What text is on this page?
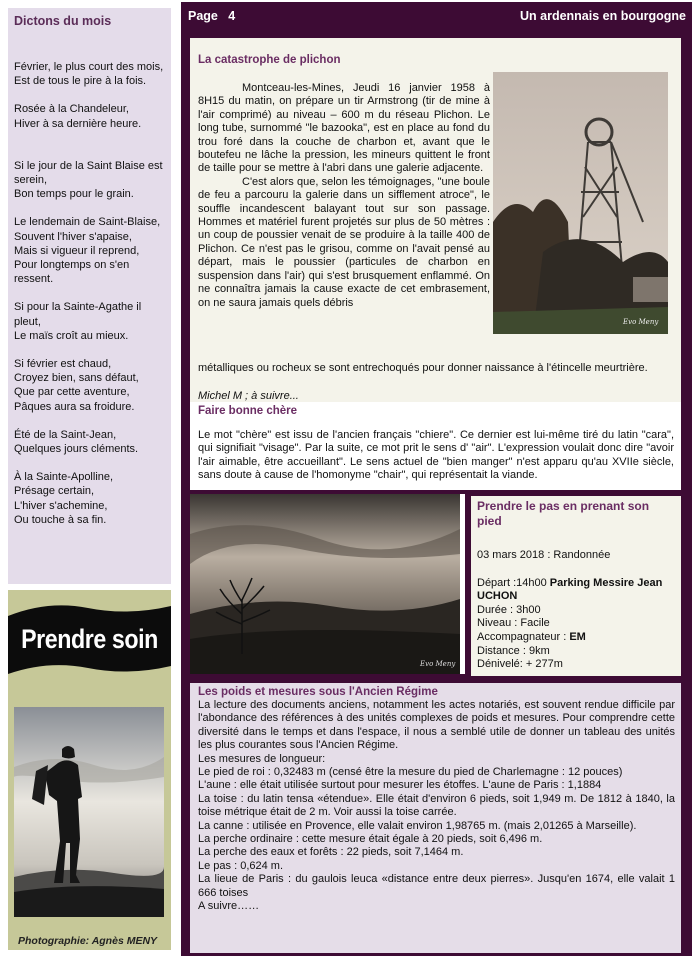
Dictons du mois

Février, le plus court des mois,
Est de tous le pire à la fois.

Rosée à la Chandeleur,
Hiver à sa dernière heure.

Si le jour de la Saint Blaise est serein,
Bon temps pour le grain.

Le lendemain de Saint-Blaise,
Souvent l'hiver s'apaise,
Mais si vigueur il reprend,
Pour longtemps on s'en ressent.

Si pour la Sainte-Agathe il pleut,
Le maïs croît au mieux.

Si février est chaud,
Croyez bien, sans défaut,
Que par cette aventure,
Pâques aura sa froidure.

Été de la Saint-Jean,
Quelques jours cléments.

À la Sainte-Apolline,
Présage certain,
L'hiver s'achemine,
Ou touche à sa fin.

Prendre soin
Photographie: Agnès MENY
Page   4	Un ardennais en bourgogne
La catastrophe de plichon
Evo Meny

Montceau-les-Mines, Jeudi 16 janvier 1958 à 8H15 du matin, on prépare un tir Armstrong (tir de mine à l'air comprimé) au niveau – 600 m du réseau Plichon. Le long tube, surnommé "le bazooka", est en place au fond du trou foré dans la couche de charbon et, avant que le boutefeu ne lâche la pression, les mineurs quittent le front de taille pour se mettre à l'abri dans une galerie adjacente.

C'est alors que, selon les témoignages, "une boule de feu a parcouru la galerie dans un sifflement atroce", le souffle incandescent balayant tout sur son passage. Hommes et matériel furent projetés sur plus de 50 mètres : un coup de poussier venait de se produire à la taille 400 de Plichon. Ce n'est pas le grisou, comme on l'avait pensé au départ, mais le poussier (particules de charbon en suspension dans l'air) qui s'est brusquement enflammé. On ne connaîtra jamais la cause exacte de cet embrasement, on ne saura jamais quels débris

métalliques ou rocheux se sont entrechoqués pour donner naissance à l'étincelle meurtrière.

Michel M ; à suivre...
Faire bonne chère

Le mot "chère" est issu de l'ancien français "chiere". Ce dernier est lui-même tiré du latin "cara", qui signifiait "visage". Par la suite, ce mot prit le sens d' "air". L'expression voulait donc dire "avoir l'air aimable, être accueillant". Le sens actuel de "bien manger" n'est apparu qu'au XVIIe siècle, sans doute à cause de l'homonyme "chair", qui représentait la viande.

Evo Meny
Prendre le pas en prenant son pied
03 mars 2018 : Randonnée
Départ :14h00 Parking Messire Jean UCHON
Durée : 3h00
Niveau : Facile
Accompagnateur : EM
Distance : 9km
Dénivelé: + 277m
Les poids et mesures sous l'Ancien Régime

La lecture des documents anciens, notamment les actes notariés, est souvent rendue difficile par l'abondance des références à des unités complexes de poids et mesures. Pour comprendre cette diversité dans le temps et dans l'espace, il nous a semblé utile de donner un tableau des unités les plus courantes sous l'Ancien Régime.

Les mesures de longueur:

Le pied de roi : 0,32483 m (censé être la mesure du pied de Charlemagne : 12 pouces)

L'aune : elle était utilisée surtout pour mesurer les étoffes. L'aune de Paris : 1,1884

La toise : du latin tensa «étendue». Elle était d'environ 6 pieds, soit 1,949 m. De 1812 à 1840, la toise métrique était de 2 m. Voir aussi la toise carrée.

La canne : utilisée en Provence, elle valait environ 1,98765 m. (mais 2,01265 à Marseille).

La perche ordinaire : cette mesure était égale à 20 pieds, soit 6,496 m.

La perche des eaux et forêts : 22 pieds, soit 7,1464 m.

Le pas : 0,624 m.

La lieue de Paris : du gaulois leuca «distance entre deux pierres». Jusqu'en 1674, elle valait 1 666 toises

A suivre……
